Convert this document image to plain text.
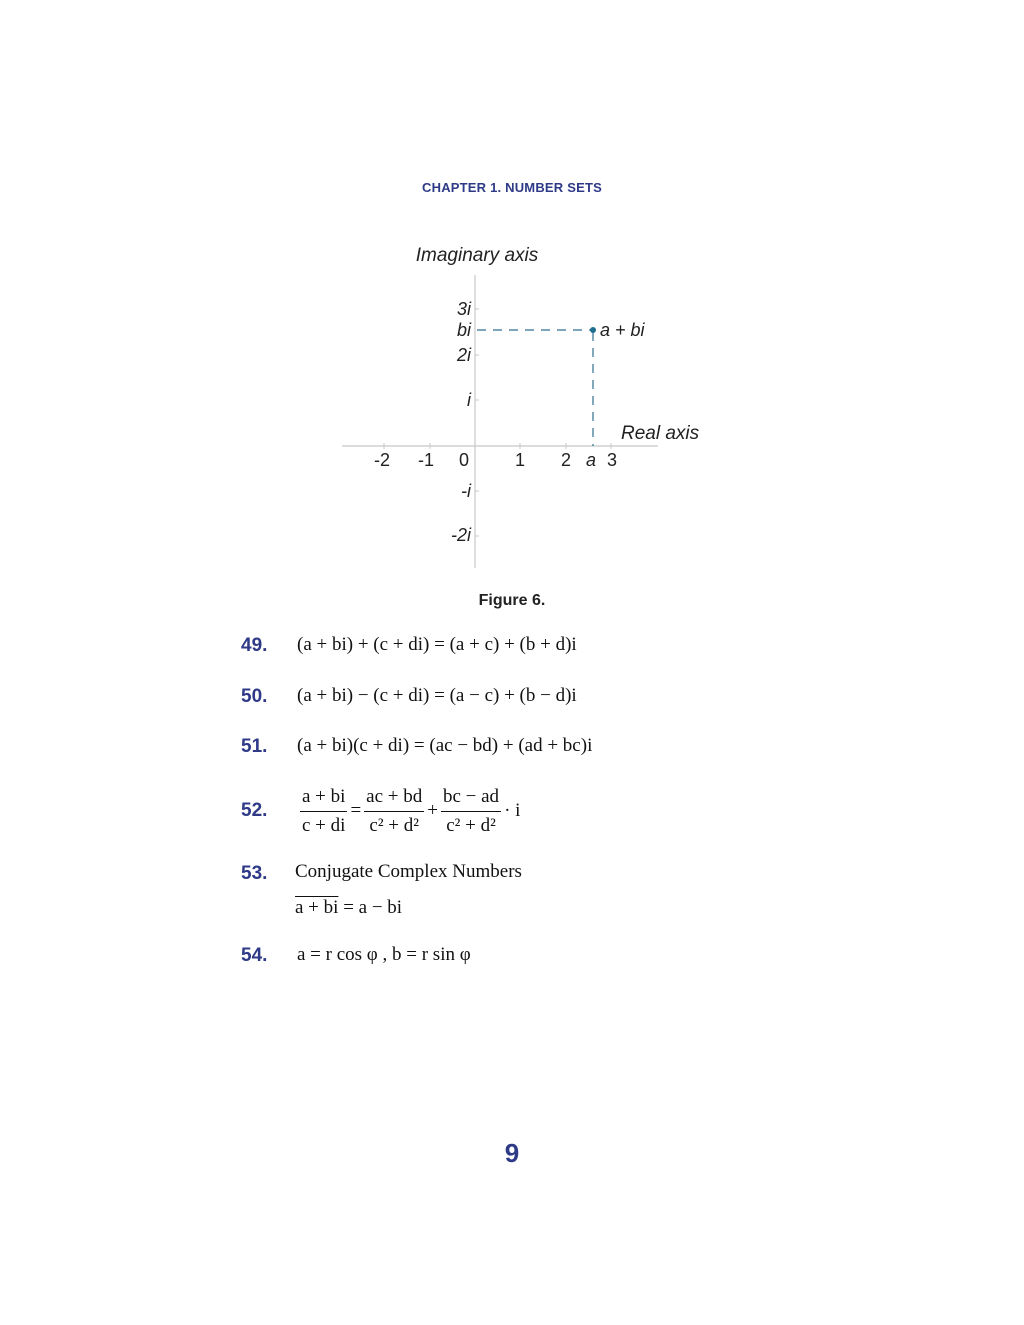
CHAPTER 1. NUMBER SETS
Imaginary axis
Real axis
a + bi
-2 -1 0	1 2 a 3
3i
bi
2i
i
-i
-2i
Figure 6.
49. (a + bi) + (c + di) = (a + c) + (b + d)i
50. (a + bi) − (c + di) = (a − c) + (b − d)i
51. (a + bi)(c + di) = (ac − bd) + (ad + bc)i
52. $\frac{a + bi}{c + di} = \frac{ac + bd}{\text{c² + d²}} + \frac{bc - ad}{\text{c² + d²}} \cdot i$
53. Conjugate Complex Numbers
a + bi = a − bi
54. a = r cos φ , b = r sin φ
9
